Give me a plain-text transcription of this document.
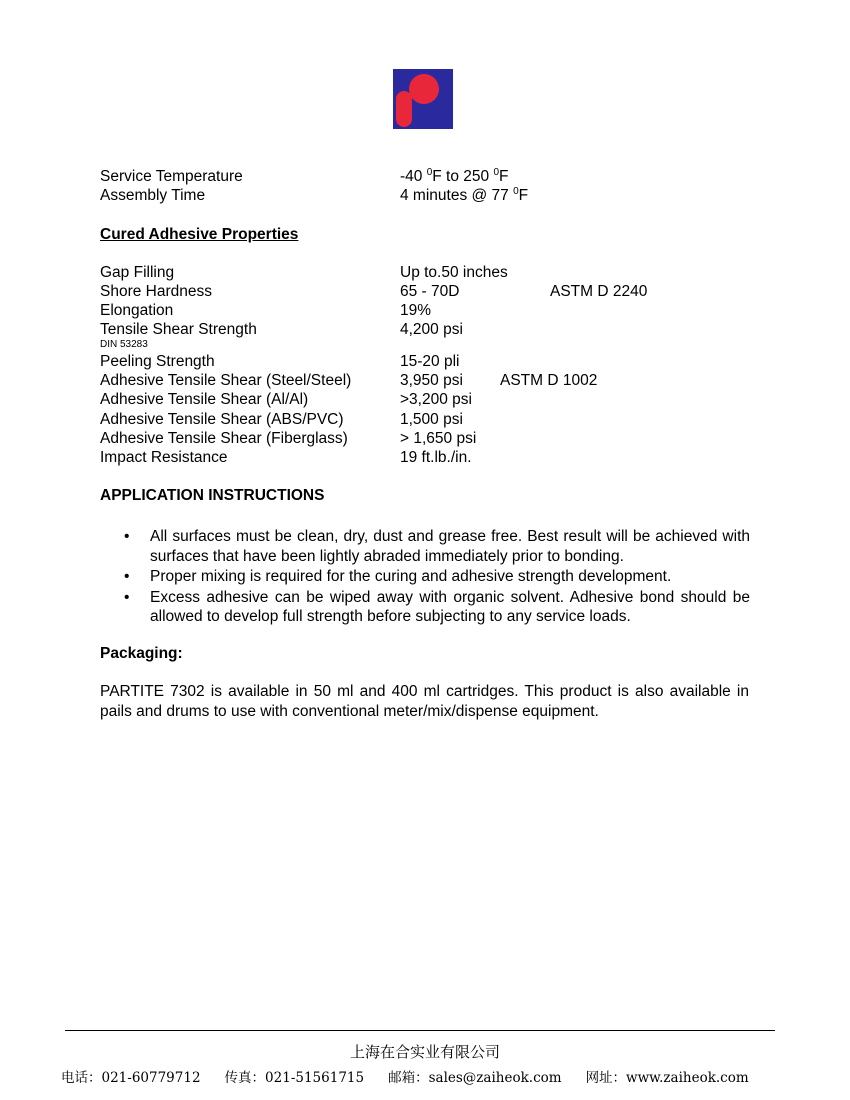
Service Temperature	-40 $^0$F to 250 $^0$F
Assembly Time	4 minutes @ 77 $^0$F
Cured Adhesive Properties
Gap Filling	Up to.50 inches
Shore Hardness	65 - 70D	ASTM D 2240
Elongation	19%
Tensile Shear Strength	4,200 psi
DIN 53283
Peeling Strength	15-20 pli
Adhesive Tensile Shear (Steel/Steel)	3,950 psi ASTM D 1002
Adhesive Tensile Shear (Al/Al)	>3,200 psi
Adhesive Tensile Shear (ABS/PVC)	1,500 psi
Adhesive Tensile Shear (Fiberglass)	> 1,650 psi
Impact Resistance	19 ft.lb./in.
APPLICATION INSTRUCTIONS
• All surfaces must be clean, dry, dust and grease free. Best result will be achieved with surfaces that have been lightly abraded immediately prior to bonding.
• Proper mixing is required for the curing and adhesive strength development.
• Excess adhesive can be wiped away with organic solvent. Adhesive bond should be allowed to develop full strength before subjecting to any service loads.
Packaging:
PARTITE 7302 is available in 50 ml and 400 ml cartridges. This product is also available in pails and drums to use with conventional meter/mix/dispense equipment.
上海在合实业有限公司
电话：021-60779712 传真：021-51561715 邮箱：sales@zaiheok.com 网址：www.zaiheok.com
